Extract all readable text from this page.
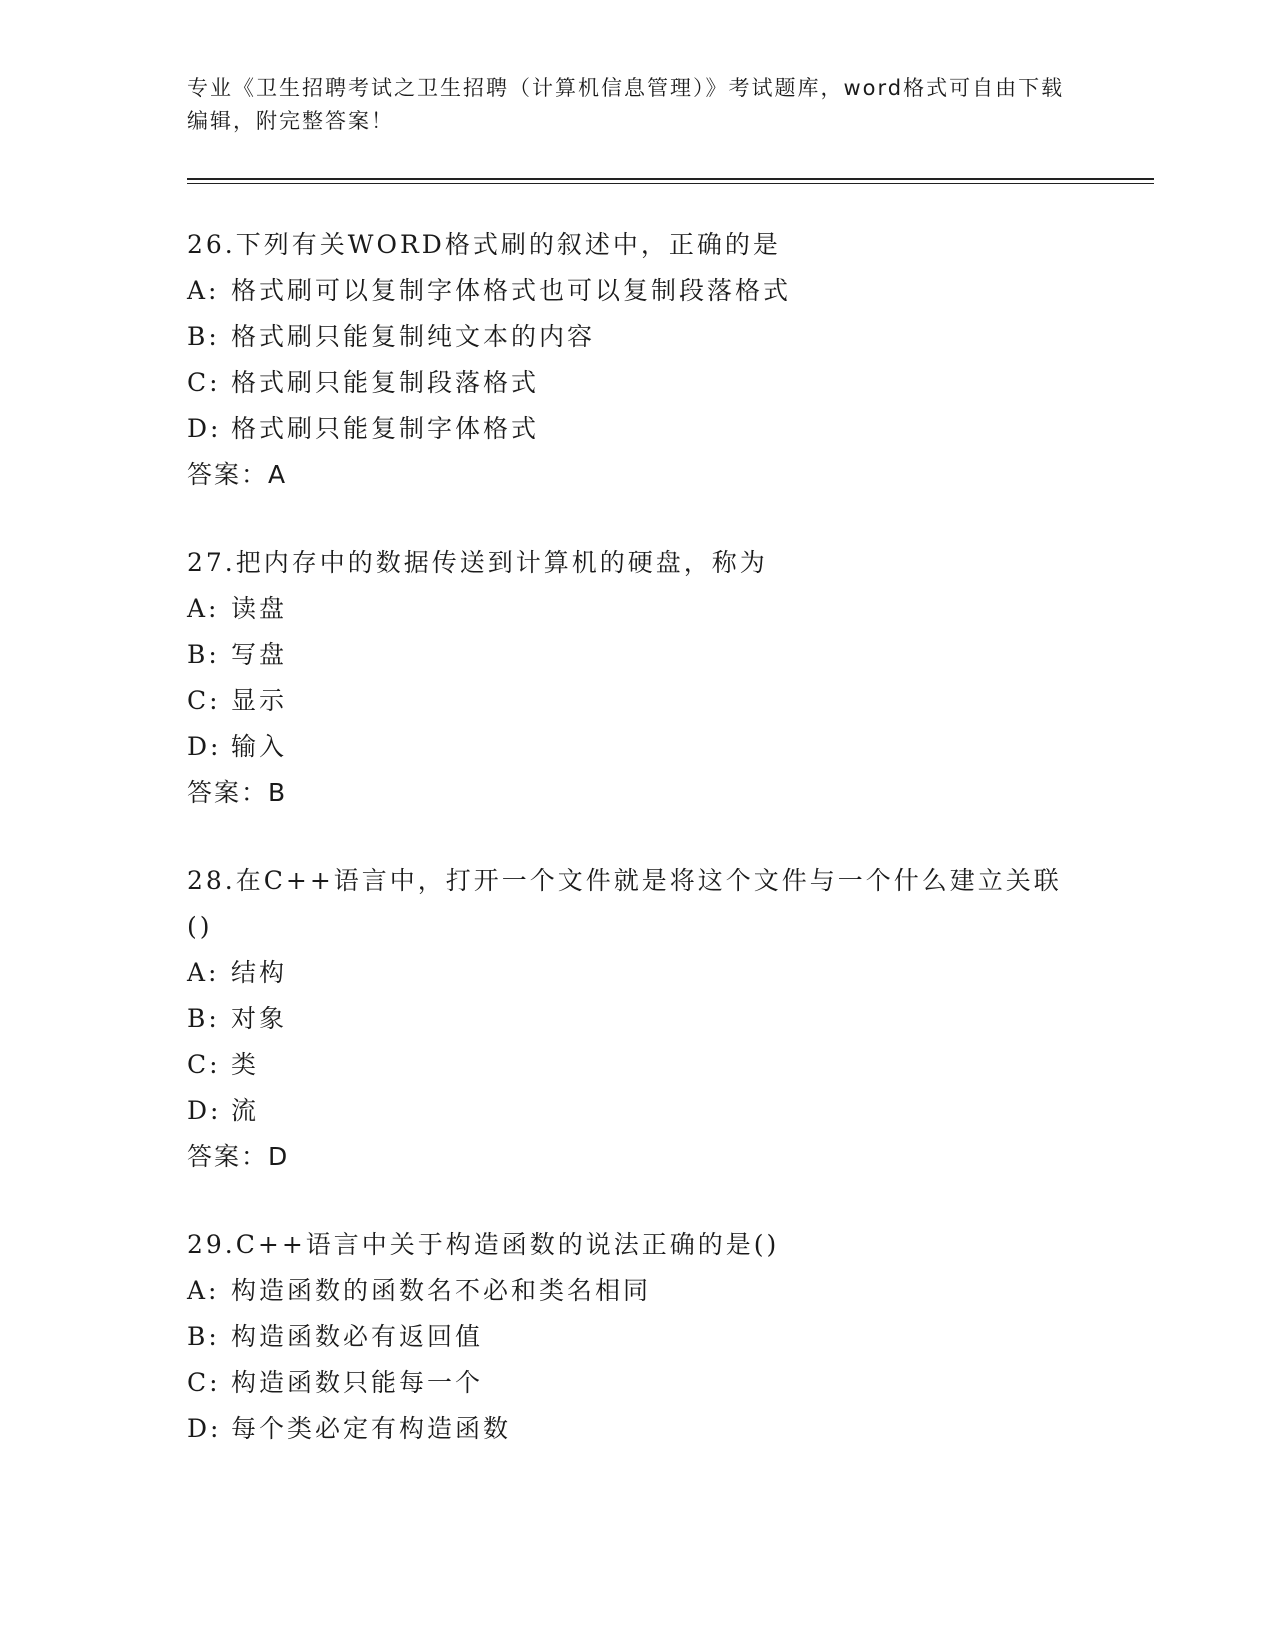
专业《卫生招聘考试之卫生招聘（计算机信息管理）》考试题库，word格式可自由下载编辑，附完整答案！
26.下列有关WORD格式刷的叙述中，正确的是
A: 格式刷可以复制字体格式也可以复制段落格式
B: 格式刷只能复制纯文本的内容
C: 格式刷只能复制段落格式
D: 格式刷只能复制字体格式
答案：A
27.把内存中的数据传送到计算机的硬盘，称为
A: 读盘
B: 写盘
C: 显示
D: 输入
答案：B
28.在C++语言中，打开一个文件就是将这个文件与一个什么建立关联()
A: 结构
B: 对象
C: 类
D: 流
答案：D
29.C++语言中关于构造函数的说法正确的是()
A: 构造函数的函数名不必和类名相同
B: 构造函数必有返回值
C: 构造函数只能每一个
D: 每个类必定有构造函数
